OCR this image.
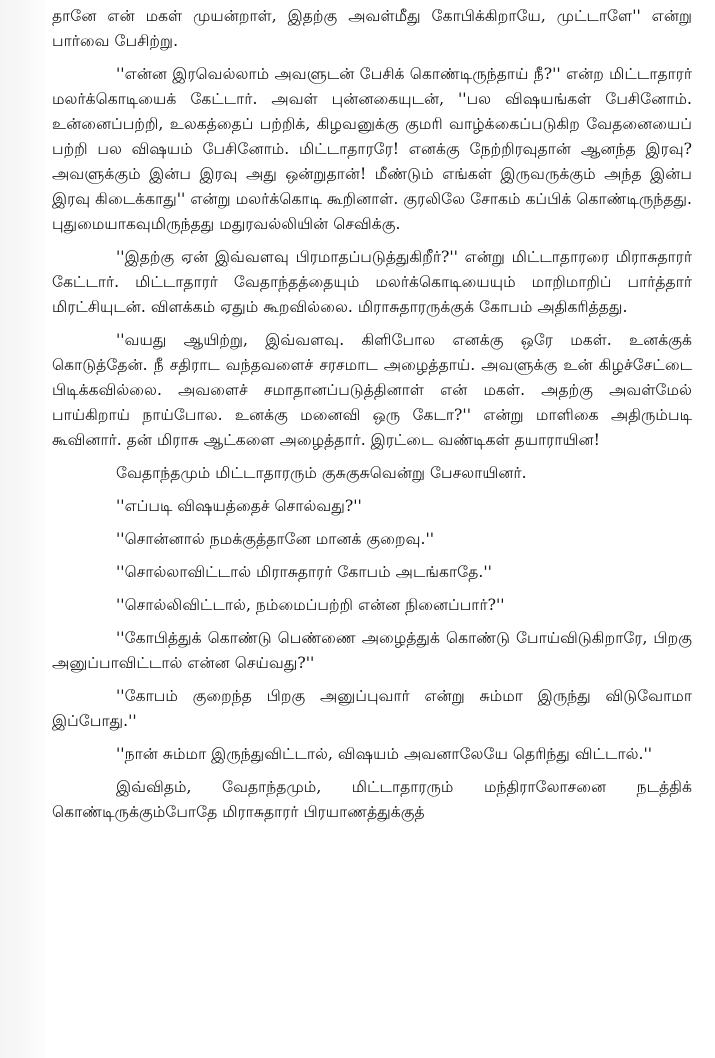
தானே என் மகள் முயன்றாள், இதற்கு அவள்மீது கோபிக்கிறாயே, முட்டாளே'' என்று பார்வை பேசிற்று.

''என்ன இரவெல்லாம் அவளுடன் பேசிக் கொண்டிருந்தாய் நீ?'' என்ற மிட்டாதாரர் மலர்க்கொடியைக் கேட்டார். அவள் புன்னகையுடன், ''பல விஷயங்கள் பேசினோம். உன்னைப்பற்றி, உலகத்தைப் பற்றிக், கிழவனுக்கு குமரி வாழ்க்கைப்படுகிற வேதனையைப் பற்றி பல விஷயம் பேசினோம். மிட்டாதாரரே! எனக்கு நேற்றிரவுதான் ஆனந்த இரவு? அவளுக்கும் இன்ப இரவு அது ஒன்றுதான்! மீண்டும் எங்கள் இருவருக்கும் அந்த இன்ப இரவு கிடைக்காது'' என்று மலர்க்கொடி கூறினாள். குரலிலே சோகம் கப்பிக் கொண்டிருந்தது. புதுமையாகவுமிருந்தது மதுரவல்லியின் செவிக்கு.

''இதற்கு ஏன் இவ்வளவு பிரமாதப்படுத்துகிறீர்?'' என்று மிட்டாதாரரை மிராசுதாரர் கேட்டார். மிட்டாதாரர் வேதாந்தத்தையும் மலர்க்கொடியையும் மாறிமாறிப் பார்த்தார் மிரட்சியுடன். விளக்கம் ஏதும் கூறவில்லை. மிராசுதாரருக்குக் கோபம் அதிகரித்தது.

''வயது ஆயிற்று, இவ்வளவு. கிளிபோல எனக்கு ஒரே மகள். உனக்குக் கொடுத்தேன். நீ சதிராட வந்தவளைச் சரசமாட அழைத்தாய். அவளுக்கு உன் கிழச்சேட்டை பிடிக்கவில்லை. அவளைச் சமாதானப்படுத்தினாள் என் மகள். அதற்கு அவள்மேல் பாய்கிறாய் நாய்போல. உனக்கு மனைவி ஒரு கேடா?'' என்று மாளிகை அதிரும்படி கூவினார். தன் மிராசு ஆட்களை அழைத்தார். இரட்டை வண்டிகள் தயாராயின!

வேதாந்தமும் மிட்டாதாரரும் குசுகுசுவென்று பேசலாயினர்.

''எப்படி விஷயத்தைச் சொல்வது?''

''சொன்னால் நமக்குத்தானே மானக் குறைவு.''

''சொல்லாவிட்டால் மிராசுதாரர் கோபம் அடங்காதே.''

''சொல்லிவிட்டால், நம்மைப்பற்றி என்ன நினைப்பார்?''

''கோபித்துக் கொண்டு பெண்ணை அழைத்துக் கொண்டு போய்விடுகிறாரே, பிறகு அனுப்பாவிட்டால் என்ன செய்வது?''

''கோபம் குறைந்த பிறகு அனுப்புவார் என்று சும்மா இருந்து விடுவோமா இப்போது.''

''நான் சும்மா இருந்துவிட்டால், விஷயம் அவனாலேயே தெரிந்து விட்டால்.''

இவ்விதம், வேதாந்தமும், மிட்டாதாரரும் மந்திராலோசனை நடத்திக் கொண்டிருக்கும்போதே மிராசுதாரர் பிரயாணத்துக்குத்
